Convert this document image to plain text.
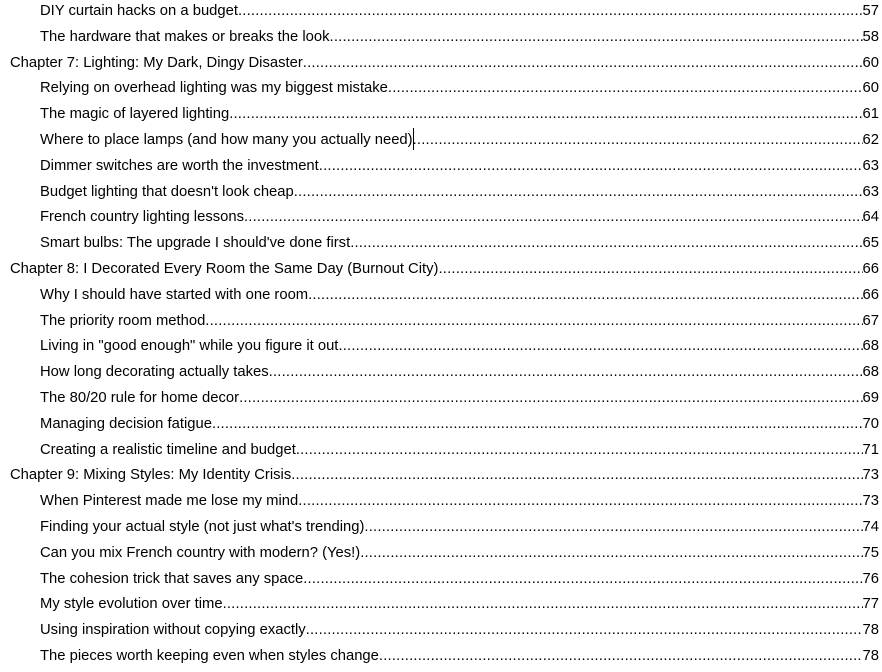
DIY curtain hacks on a budget .....	57
The hardware that makes or breaks the look .....	58
Chapter 7: Lighting: My Dark, Dingy Disaster .....	60
Relying on overhead lighting was my biggest mistake .....	60
The magic of layered lighting .....	61
Where to place lamps (and how many you actually need) .....	62
Dimmer switches are worth the investment .....	63
Budget lighting that doesn't look cheap .....	63
French country lighting lessons .....	64
Smart bulbs: The upgrade I should've done first .....	65
Chapter 8: I Decorated Every Room the Same Day (Burnout City) .....	66
Why I should have started with one room .....	66
The priority room method .....	67
Living in "good enough" while you figure it out .....	68
How long decorating actually takes .....	68
The 80/20 rule for home decor .....	69
Managing decision fatigue .....	70
Creating a realistic timeline and budget .....	71
Chapter 9: Mixing Styles: My Identity Crisis .....	73
When Pinterest made me lose my mind .....	73
Finding your actual style (not just what's trending) .....	74
Can you mix French country with modern? (Yes!) .....	75
The cohesion trick that saves any space .....	76
My style evolution over time .....	77
Using inspiration without copying exactly .....	78
The pieces worth keeping even when styles change .....	78
